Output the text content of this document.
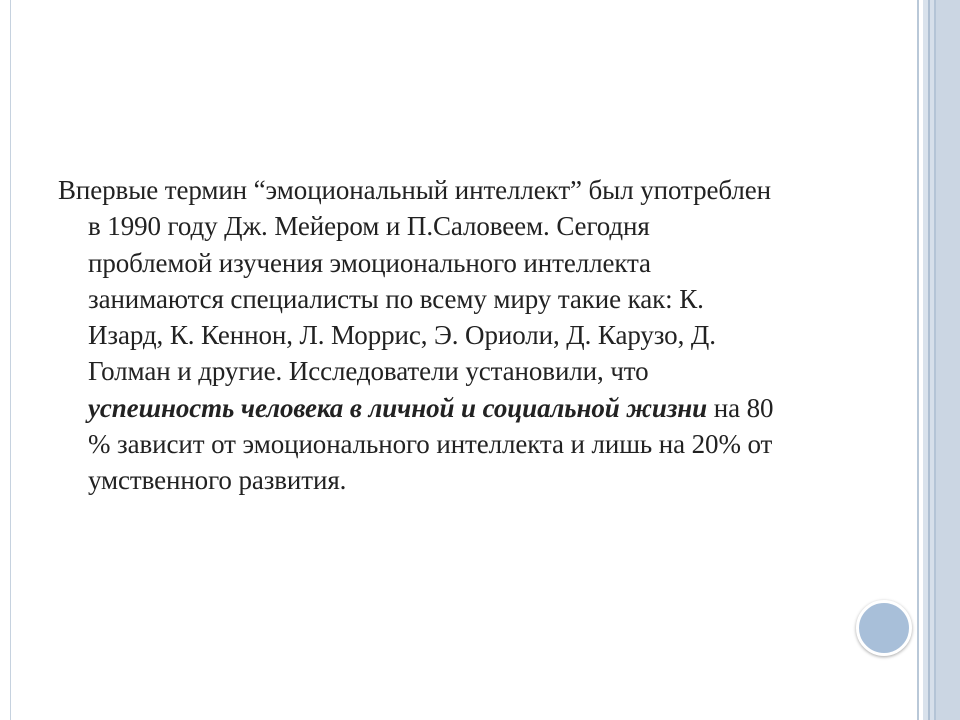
Впервые термин “эмоциональный интеллект” был употреблен в 1990 году Дж. Мейером и П.Саловеем. Сегодня проблемой изучения эмоционального интеллекта занимаются специалисты по всему миру такие как: К. Изард, К. Кеннон, Л. Моррис, Э. Ориоли, Д. Карузо, Д. Голман и другие. Исследователи установили, что успешность человека в личной и социальной жизни на 80 % зависит от эмоционального интеллекта и лишь на 20% от умственного развития.
